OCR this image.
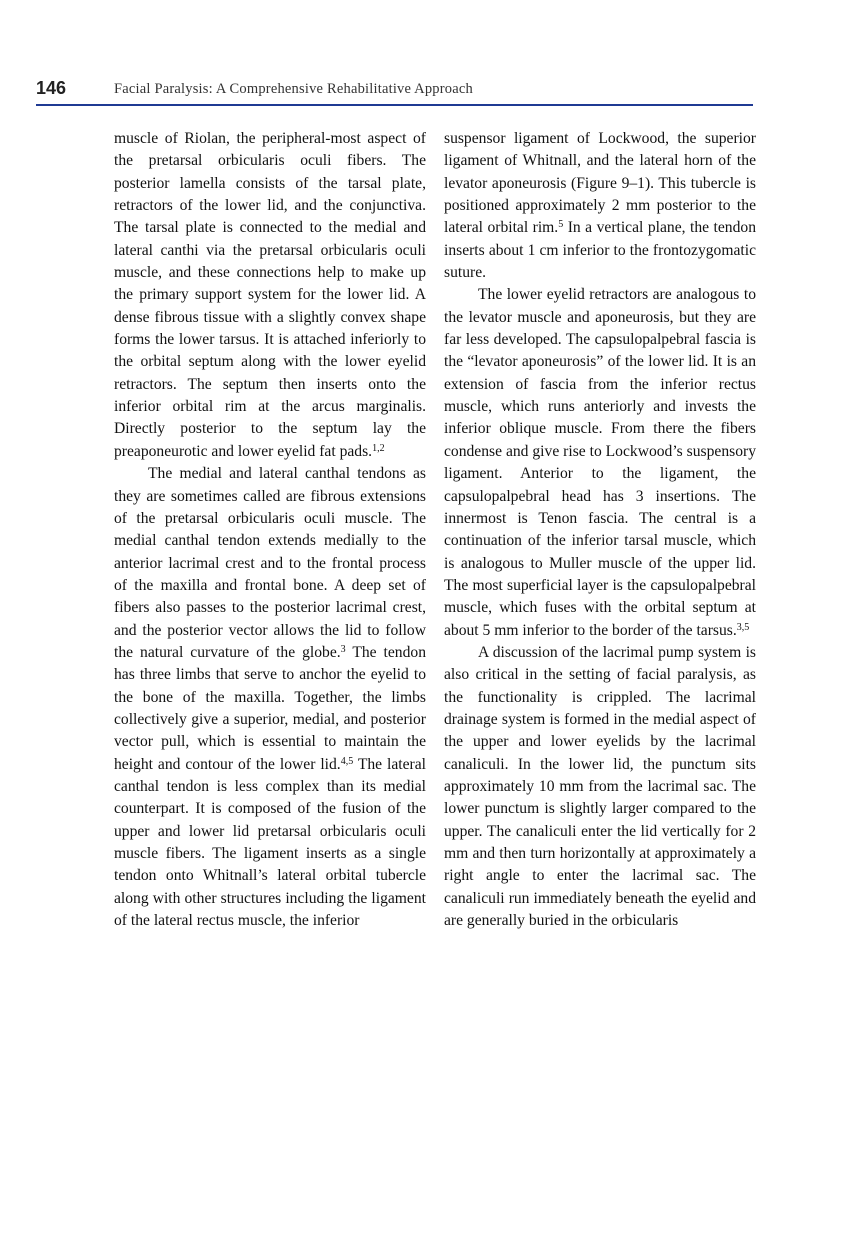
146	Facial Paralysis: A Comprehensive Rehabilitative Approach

muscle of Riolan, the peripheral-most aspect of the pretarsal orbicularis oculi fibers. The posterior lamella consists of the tarsal plate, retractors of the lower lid, and the conjunctiva. The tarsal plate is connected to the medial and lateral canthi via the pretarsal orbicularis oculi muscle, and these connections help to make up the primary support system for the lower lid. A dense fibrous tissue with a slightly convex shape forms the lower tarsus. It is attached inferiorly to the orbital septum along with the lower eyelid retractors. The septum then inserts onto the inferior orbital rim at the arcus marginalis. Directly posterior to the septum lay the preaponeurotic and lower eyelid fat pads.$^{1,2}$

The medial and lateral canthal tendons as they are sometimes called are fibrous extensions of the pretarsal orbicularis oculi muscle. The medial canthal tendon extends medially to the anterior lacrimal crest and to the frontal process of the maxilla and frontal bone. A deep set of fibers also passes to the posterior lacrimal crest, and the posterior vector allows the lid to follow the natural curvature of the globe.$^3$ The tendon has three limbs that serve to anchor the eyelid to the bone of the maxilla. Together, the limbs collectively give a superior, medial, and posterior vector pull, which is essential to maintain the height and contour of the lower lid.$^{4,5}$ The lateral canthal tendon is less complex than its medial counterpart. It is composed of the fusion of the upper and lower lid pretarsal orbicularis oculi muscle fibers. The ligament inserts as a single tendon onto Whitnall’s lateral orbital tubercle along with other structures including the ligament of the lateral rectus muscle, the inferior

suspensor ligament of Lockwood, the superior ligament of Whitnall, and the lateral horn of the levator aponeurosis (Figure 9–1). This tubercle is positioned approximately 2 mm posterior to the lateral orbital rim.$^5$ In a vertical plane, the tendon inserts about 1 cm inferior to the frontozygomatic suture.

The lower eyelid retractors are analogous to the levator muscle and aponeurosis, but they are far less developed. The capsulopalpebral fascia is the “levator aponeurosis” of the lower lid. It is an extension of fascia from the inferior rectus muscle, which runs anteriorly and invests the inferior oblique muscle. From there the fibers condense and give rise to Lockwood’s suspensory ligament. Anterior to the ligament, the capsulopalpebral head has 3 insertions. The innermost is Tenon fascia. The central is a continuation of the inferior tarsal muscle, which is analogous to Muller muscle of the upper lid. The most superficial layer is the capsulopalpebral muscle, which fuses with the orbital septum at about 5 mm inferior to the border of the tarsus.$^{3,5}$

A discussion of the lacrimal pump system is also critical in the setting of facial paralysis, as the functionality is crippled. The lacrimal drainage system is formed in the medial aspect of the upper and lower eyelids by the lacrimal canaliculi. In the lower lid, the punctum sits approximately 10 mm from the lacrimal sac. The lower punctum is slightly larger compared to the upper. The canaliculi enter the lid vertically for 2 mm and then turn horizontally at approximately a right angle to enter the lacrimal sac. The canaliculi run immediately beneath the eyelid and are generally buried in the orbicularis
